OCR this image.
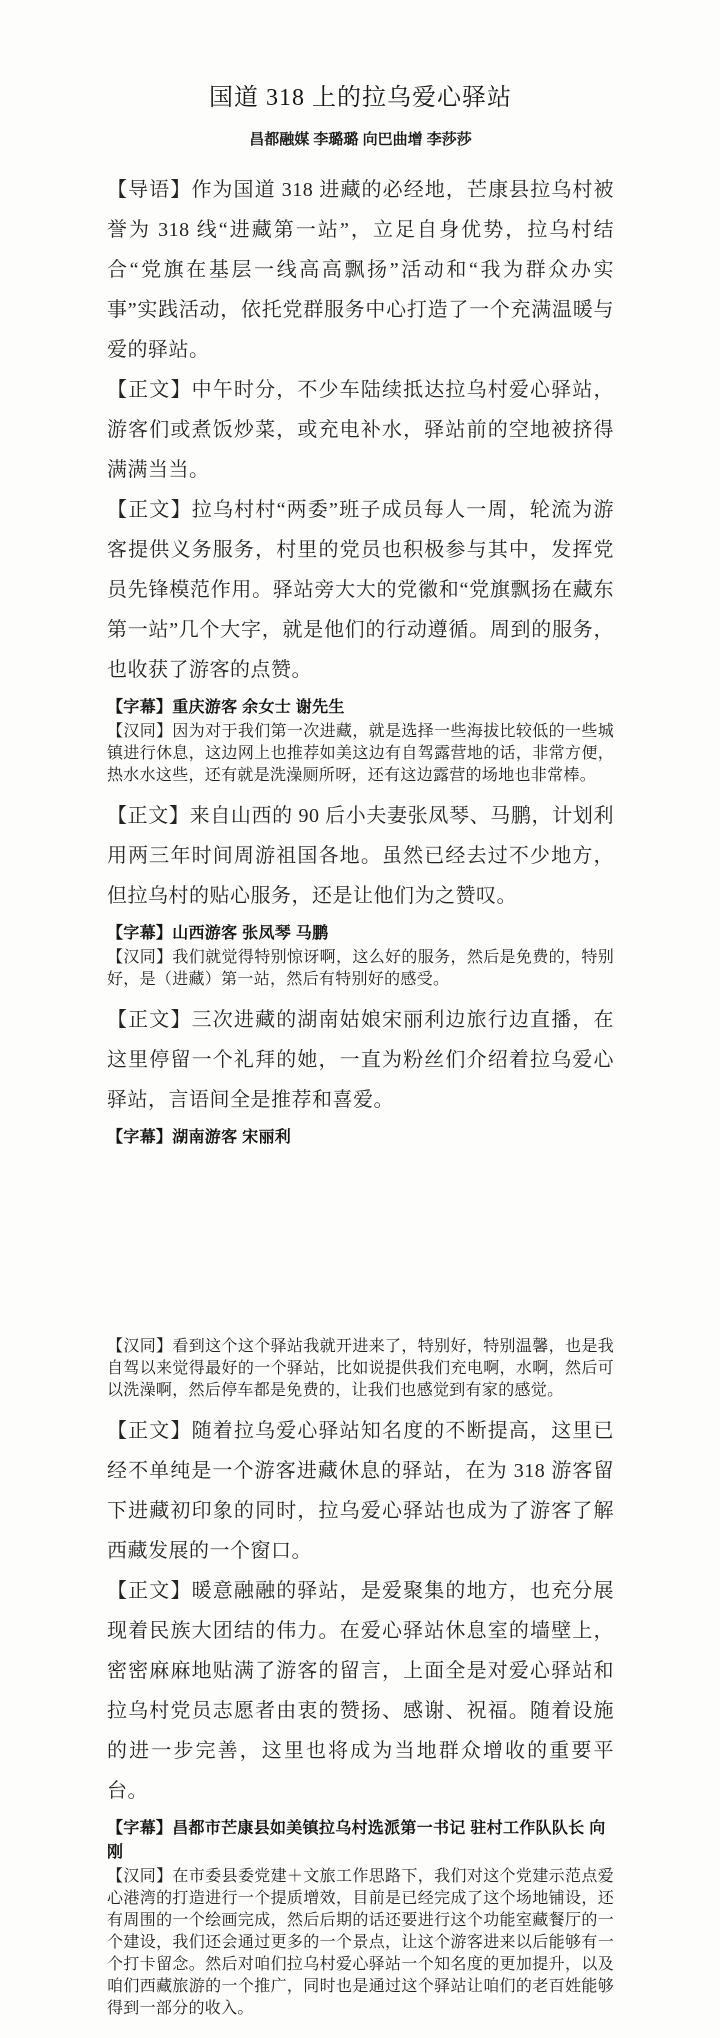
国道 318 上的拉乌爱心驿站
昌都融媒 李璐璐 向巴曲增 李莎莎

【导语】作为国道 318 进藏的必经地，芒康县拉乌村被誉为 318 线“进藏第一站”，立足自身优势，拉乌村结合“党旗在基层一线高高飘扬”活动和“我为群众办实事”实践活动，依托党群服务中心打造了一个充满温暖与爱的驿站。

【正文】中午时分，不少车陆续抵达拉乌村爱心驿站，游客们或煮饭炒菜，或充电补水，驿站前的空地被挤得满满当当。

【正文】拉乌村村“两委”班子成员每人一周，轮流为游客提供义务服务，村里的党员也积极参与其中，发挥党员先锋模范作用。驿站旁大大的党徽和“党旗飘扬在藏东第一站”几个大字，就是他们的行动遵循。周到的服务，也收获了游客的点赞。

【字幕】重庆游客 余女士 谢先生

【汉同】因为对于我们第一次进藏，就是选择一些海拔比较低的一些城镇进行休息，这边网上也推荐如美这边有自驾露营地的话，非常方便，热水水这些，还有就是洗澡厕所呀，还有这边露营的场地也非常棒。

【正文】来自山西的 90 后小夫妻张凤琴、马鹏，计划利用两三年时间周游祖国各地。虽然已经去过不少地方，但拉乌村的贴心服务，还是让他们为之赞叹。

【字幕】山西游客 张凤琴 马鹏

【汉同】我们就觉得特别惊讶啊，这么好的服务，然后是免费的，特别好，是（进藏）第一站，然后有特别好的感受。

【正文】三次进藏的湖南姑娘宋丽利边旅行边直播，在这里停留一个礼拜的她，一直为粉丝们介绍着拉乌爱心驿站，言语间全是推荐和喜爱。

【字幕】湖南游客 宋丽利

【汉同】看到这个这个驿站我就开进来了，特别好，特别温馨，也是我自驾以来觉得最好的一个驿站，比如说提供我们充电啊，水啊，然后可以洗澡啊，然后停车都是免费的，让我们也感觉到有家的感觉。

【正文】随着拉乌爱心驿站知名度的不断提高，这里已经不单纯是一个游客进藏休息的驿站，在为 318 游客留下进藏初印象的同时，拉乌爱心驿站也成为了游客了解西藏发展的一个窗口。

【正文】暖意融融的驿站，是爱聚集的地方，也充分展现着民族大团结的伟力。在爱心驿站休息室的墙壁上，密密麻麻地贴满了游客的留言，上面全是对爱心驿站和拉乌村党员志愿者由衷的赞扬、感谢、祝福。随着设施的进一步完善，这里也将成为当地群众增收的重要平台。

【字幕】昌都市芒康县如美镇拉乌村选派第一书记 驻村工作队队长 向刚

【汉同】在市委县委党建＋文旅工作思路下，我们对这个党建示范点爱心港湾的打造进行一个提质增效，目前是已经完成了这个场地铺设，还有周围的一个绘画完成，然后后期的话还要进行这个功能室藏餐厅的一个建设，我们还会通过更多的一个景点，让这个游客进来以后能够有一个打卡留念。然后对咱们拉乌村爱心驿站一个知名度的更加提升，以及咱们西藏旅游的一个推广，同时也是通过这个驿站让咱们的老百姓能够得到一部分的收入。
